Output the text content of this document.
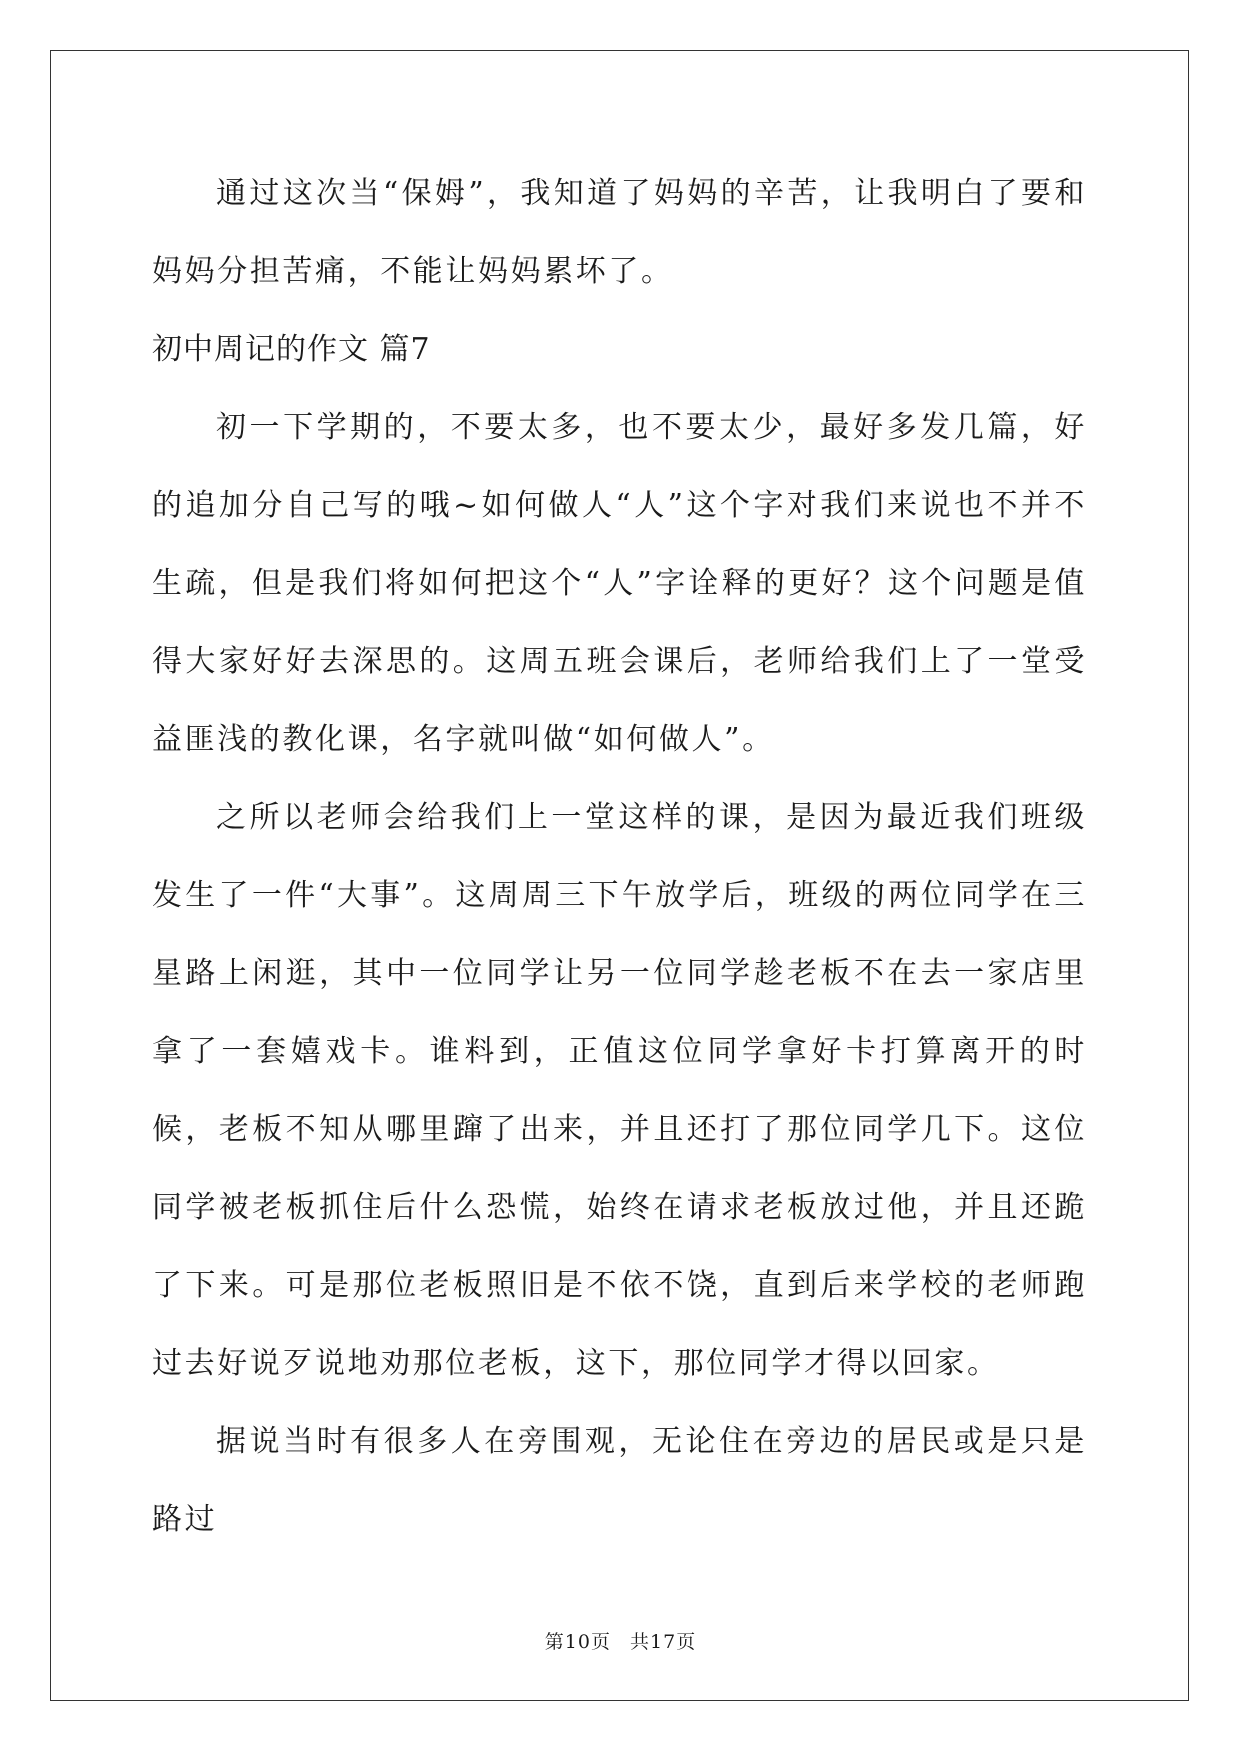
通过这次当“保姆”，我知道了妈妈的辛苦，让我明白了要和妈妈分担苦痛，不能让妈妈累坏了。

初中周记的作文 篇7

初一下学期的，不要太多，也不要太少，最好多发几篇，好的追加分自己写的哦~如何做人“人”这个字对我们来说也不并不生疏，但是我们将如何把这个“人”字诠释的更好？这个问题是值得大家好好去深思的。这周五班会课后，老师给我们上了一堂受益匪浅的教化课，名字就叫做“如何做人”。

之所以老师会给我们上一堂这样的课，是因为最近我们班级发生了一件“大事”。这周周三下午放学后，班级的两位同学在三星路上闲逛，其中一位同学让另一位同学趁老板不在去一家店里拿了一套嬉戏卡。谁料到，正值这位同学拿好卡打算离开的时候，老板不知从哪里蹿了出来，并且还打了那位同学几下。这位同学被老板抓住后什么恐慌，始终在请求老板放过他，并且还跪了下来。可是那位老板照旧是不依不饶，直到后来学校的老师跑过去好说歹说地劝那位老板，这下，那位同学才得以回家。

据说当时有很多人在旁围观，无论住在旁边的居民或是只是路过

第10页 共17页
